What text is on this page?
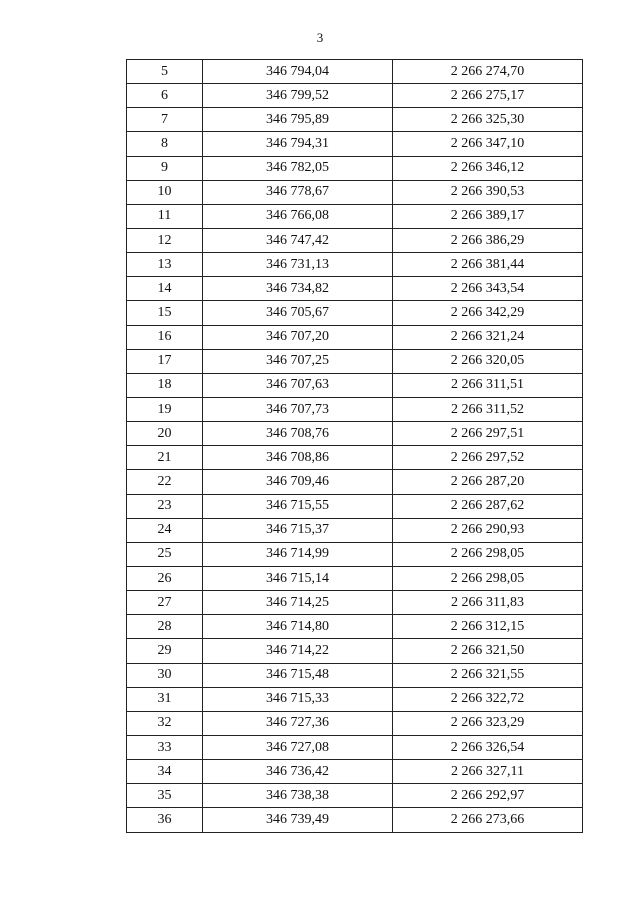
3
5	346 794,04	2 266 274,70
6	346 799,52	2 266 275,17
7	346 795,89	2 266 325,30
8	346 794,31	2 266 347,10
9	346 782,05	2 266 346,12
10	346 778,67	2 266 390,53
11	346 766,08	2 266 389,17
12	346 747,42	2 266 386,29
13	346 731,13	2 266 381,44
14	346 734,82	2 266 343,54
15	346 705,67	2 266 342,29
16	346 707,20	2 266 321,24
17	346 707,25	2 266 320,05
18	346 707,63	2 266 311,51
19	346 707,73	2 266 311,52
20	346 708,76	2 266 297,51
21	346 708,86	2 266 297,52
22	346 709,46	2 266 287,20
23	346 715,55	2 266 287,62
24	346 715,37	2 266 290,93
25	346 714,99	2 266 298,05
26	346 715,14	2 266 298,05
27	346 714,25	2 266 311,83
28	346 714,80	2 266 312,15
29	346 714,22	2 266 321,50
30	346 715,48	2 266 321,55
31	346 715,33	2 266 322,72
32	346 727,36	2 266 323,29
33	346 727,08	2 266 326,54
34	346 736,42	2 266 327,11
35	346 738,38	2 266 292,97
36	346 739,49	2 266 273,66
